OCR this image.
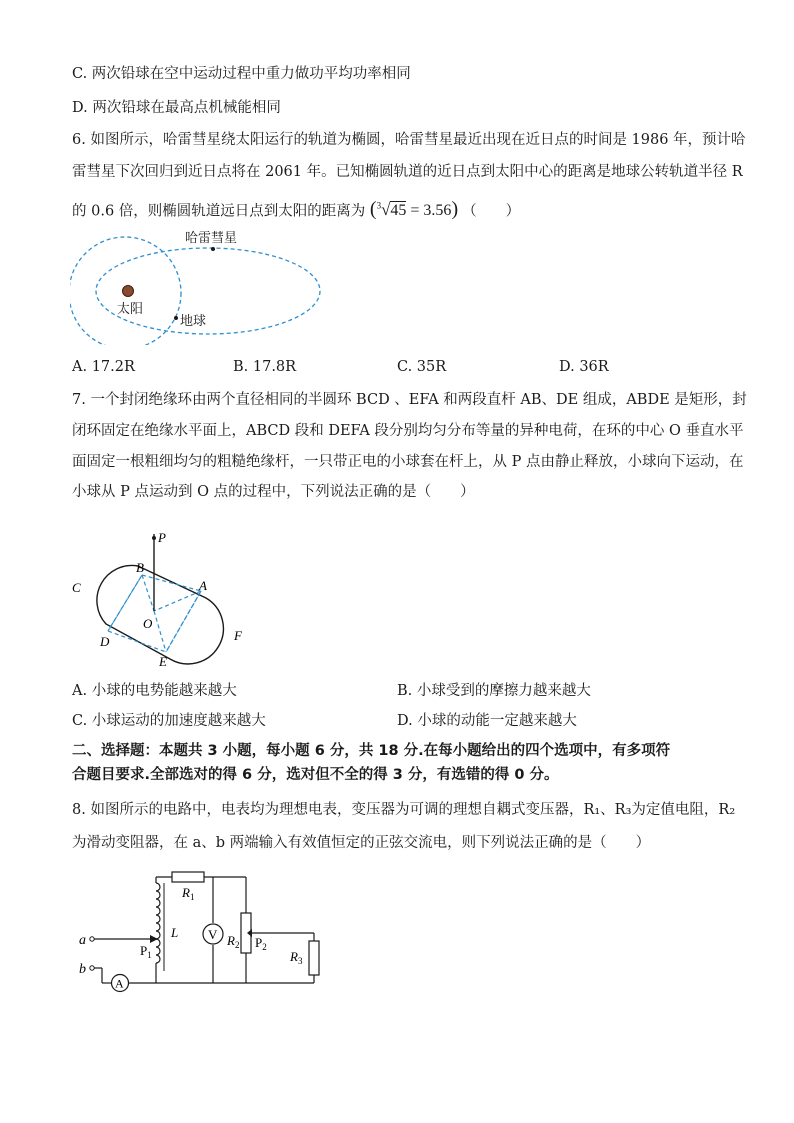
C. 两次铅球在空中运动过程中重力做功平均功率相同
D. 两次铅球在最高点机械能相同
6. 如图所示，哈雷彗星绕太阳运行的轨道为椭圆，哈雷彗星最近出现在近日点的时间是 1986 年，预计哈
雷彗星下次回归到近日点将在 2061 年。已知椭圆轨道的近日点到太阳中心的距离是地球公转轨道半径 R
的 0.6 倍，则椭圆轨道远日点到太阳的距离为 ($^3$√45 = 3.56) （　　）
哈雷彗星
太阳
地球
A. 17.2R	B. 17.8R	C. 35R	D. 36R
7. 一个封闭绝缘环由两个直径相同的半圆环 BCD 、EFA 和两段直杆 AB、DE 组成，ABDE 是矩形，封
闭环固定在绝缘水平面上，ABCD 段和 DEFA 段分别均匀分布等量的异种电荷，在环的中心 O 垂直水平
面固定一根粗细均匀的粗糙绝缘杆，一只带正电的小球套在杆上，从 P 点由静止释放，小球向下运动，在
小球从 P 点运动到 O 点的过程中，下列说法正确的是（　　）
P
B
A
C
F
O
D
E
A. 小球的电势能越来越大	B. 小球受到的摩擦力越来越大
C. 小球运动的加速度越来越大	D. 小球的动能一定越来越大
二、选择题：本题共 3 小题，每小题 6 分，共 18 分.在每小题给出的四个选项中，有多项符
合题目要求.全部选对的得 6 分，选对但不全的得 3 分，有选错的得 0 分。
8. 如图所示的电路中，电表均为理想电表，变压器为可调的理想自耦式变压器，R₁、R₃为定值电阻，R₂
为滑动变阻器，在 a、b 两端输入有效值恒定的正弦交流电，则下列说法正确的是（　　）
V
A
a
b
$R_1$
L
$P_1$
$R_2$ $P_2$
$R_3$
